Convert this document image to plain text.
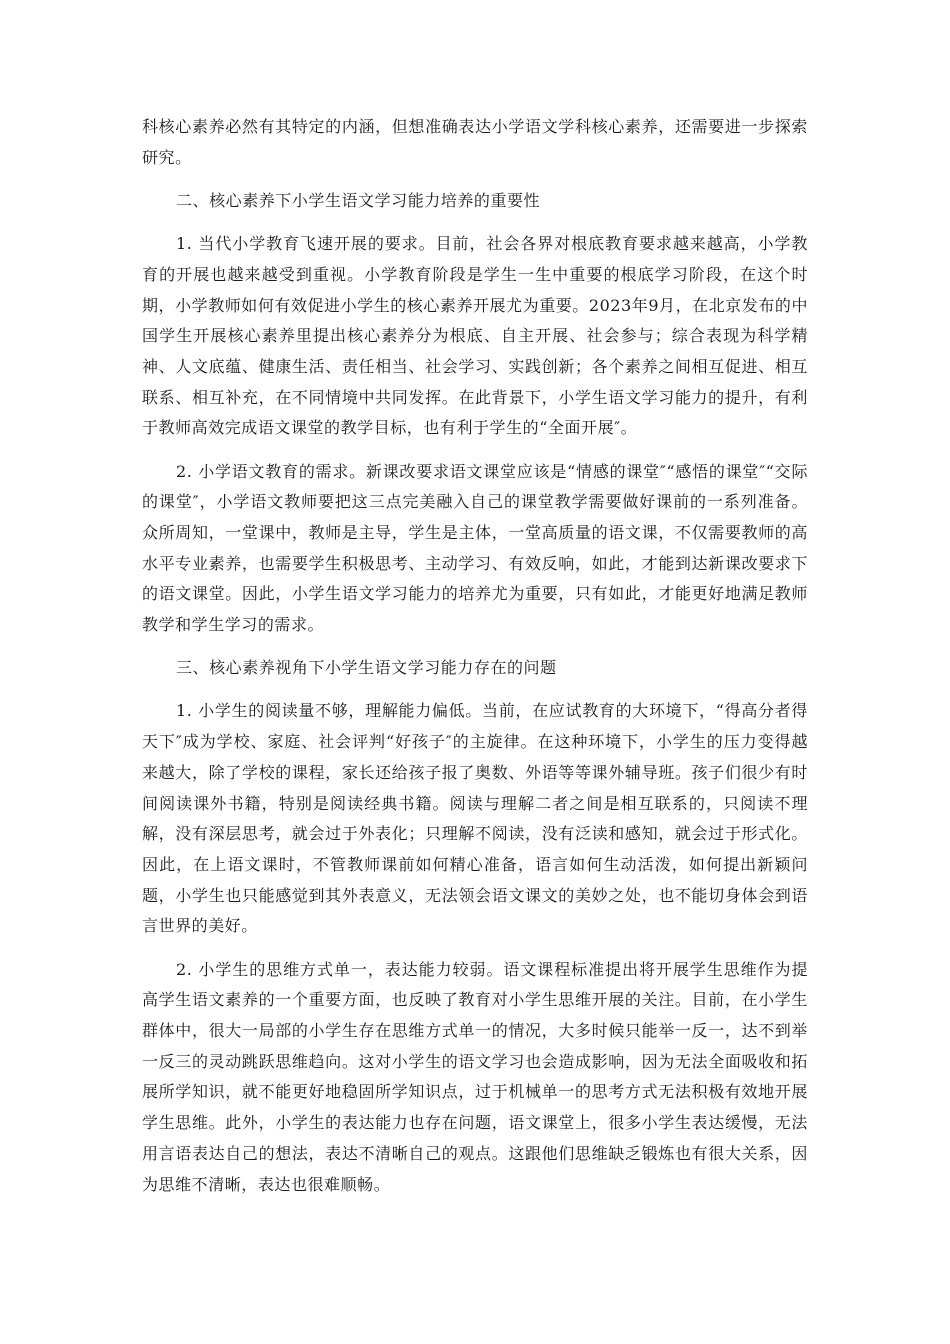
科核心素养必然有其特定的内涵，但想准确表达小学语文学科核心素养，还需要进一步探索研究。

二、核心素养下小学生语文学习能力培养的重要性

1. 当代小学教育飞速开展的要求。目前，社会各界对根底教育要求越来越高，小学教育的开展也越来越受到重视。小学教育阶段是学生一生中重要的根底学习阶段，在这个时期，小学教师如何有效促进小学生的核心素养开展尤为重要。2023年9月，在北京发布的中国学生开展核心素养里提出核心素养分为根底、自主开展、社会参与；综合表现为科学精神、人文底蕴、健康生活、责任相当、社会学习、实践创新；各个素养之间相互促进、相互联系、相互补充，在不同情境中共同发挥。在此背景下，小学生语文学习能力的提升，有利于教师高效完成语文课堂的教学目标，也有利于学生的“全面开展″。

2. 小学语文教育的需求。新课改要求语文课堂应该是“情感的课堂″“感悟的课堂″“交际的课堂″，小学语文教师要把这三点完美融入自己的课堂教学需要做好课前的一系列准备。众所周知，一堂课中，教师是主导，学生是主体，一堂高质量的语文课，不仅需要教师的高水平专业素养，也需要学生积极思考、主动学习、有效反响，如此，才能到达新课改要求下的语文课堂。因此，小学生语文学习能力的培养尤为重要，只有如此，才能更好地满足教师教学和学生学习的需求。

三、核心素养视角下小学生语文学习能力存在的问题

1. 小学生的阅读量不够，理解能力偏低。当前，在应试教育的大环境下，“得高分者得天下″成为学校、家庭、社会评判“好孩子″的主旋律。在这种环境下，小学生的压力变得越来越大，除了学校的课程，家长还给孩子报了奥数、外语等等课外辅导班。孩子们很少有时间阅读课外书籍，特别是阅读经典书籍。阅读与理解二者之间是相互联系的，只阅读不理解，没有深层思考，就会过于外表化；只理解不阅读，没有泛读和感知，就会过于形式化。因此，在上语文课时，不管教师课前如何精心准备，语言如何生动活泼，如何提出新颖问题，小学生也只能感觉到其外表意义，无法领会语文课文的美妙之处，也不能切身体会到语言世界的美好。

2. 小学生的思维方式单一，表达能力较弱。语文课程标准提出将开展学生思维作为提高学生语文素养的一个重要方面，也反映了教育对小学生思维开展的关注。目前，在小学生群体中，很大一局部的小学生存在思维方式单一的情况，大多时候只能举一反一，达不到举一反三的灵动跳跃思维趋向。这对小学生的语文学习也会造成影响，因为无法全面吸收和拓展所学知识，就不能更好地稳固所学知识点，过于机械单一的思考方式无法积极有效地开展学生思维。此外，小学生的表达能力也存在问题，语文课堂上，很多小学生表达缓慢，无法用言语表达自己的想法，表达不清晰自己的观点。这跟他们思维缺乏锻炼也有很大关系，因为思维不清晰，表达也很难顺畅。
